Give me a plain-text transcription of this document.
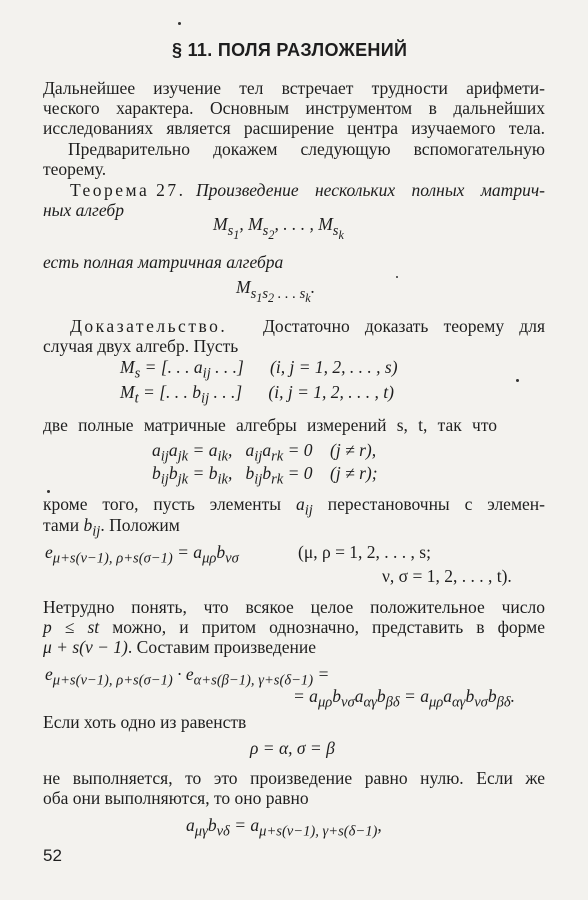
§ 11. ПОЛЯ РАЗЛОЖЕНИЙ
Дальнейшее изучение тел встречает трудности арифмети-
ческого характера. Основным инструментом в дальнейших
исследованиях является расширение центра изучаемого тела.
Предварительно докажем следующую вспомогательную
теорему.
Теорема 27. Произведение нескольких полных матрич-
ных алгебр
$M_{s_1}$, $M_{s_2}$, . . . , $M_{s_k}$
есть полная матричная алгебра
$M_{s_1s_2 . . . s_k}$.
Доказательство. Достаточно доказать теорему для
случая двух алгебр. Пусть
$M_s$ = [. . . $a_{ij}$ . . .]      (i, j = 1, 2, . . . , s)
$M_t$ = [. . . $b_{ij}$ . . .]      (i, j = 1, 2, . . . , t)
две полные матричные алгебры измерений s, t, так что
$a_{ij}a_{jk} = a_{ik}$,   $a_{ij}a_{rk} = 0$    (j ≠ r),
$b_{ij}b_{jk} = b_{ik}$,   $b_{ij}b_{rk} = 0$    (j ≠ r);
кроме того, пусть элементы $a_{ij}$ перестановочны с элемен-
тами $b_{ij}$. Положим
$e_{\mu+s(\nu-1), \rho+s(\sigma-1)} = a_{\mu\rho}b_{\nu\sigma}$	(μ, ρ = 1, 2, . . . , s;
ν, σ = 1, 2, . . . , t).
Нетрудно понять, что всякое целое положительное число
p ≤ st можно, и притом однозначно, представить в форме
μ + s(ν − 1). Составим произведение
$e_{\mu+s(\nu-1), \rho+s(\sigma-1)} \cdot e_{\alpha+s(\beta-1), \gamma+s(\delta-1)}$ =
= $a_{\mu\rho}b_{\nu\sigma}a_{\alpha\gamma}b_{\beta\delta} = a_{\mu\rho}a_{\alpha\gamma}b_{\nu\sigma}b_{\beta\delta}$.
Если хоть одно из равенств
ρ = α, σ = β
не выполняется, то это произведение равно нулю. Если же
оба они выполняются, то оно равно
$a_{\mu\gamma}b_{\nu\delta} = a_{\mu+s(\nu-1), \gamma+s(\delta-1)}$,
52
